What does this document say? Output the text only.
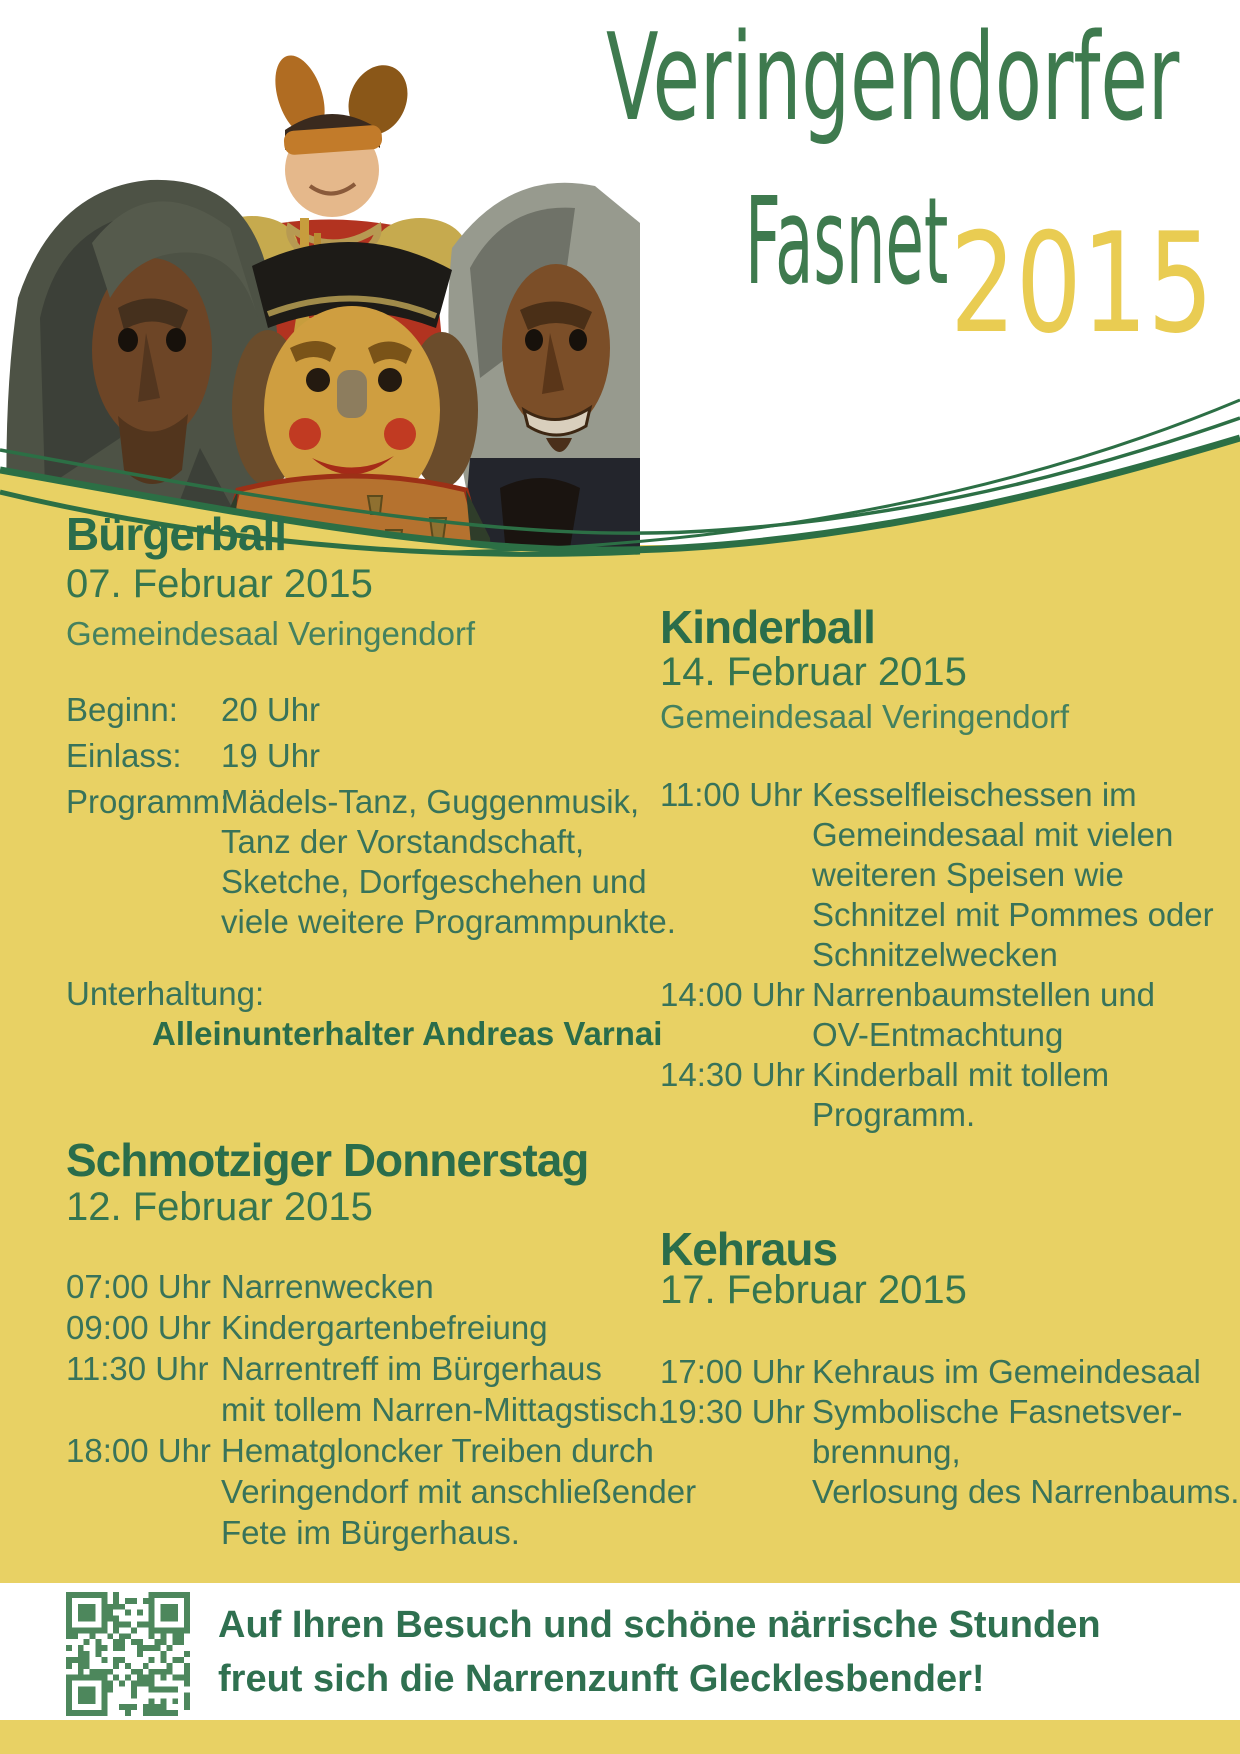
Veringendorfer
Fasnet 2015
Bürgerball
07. Februar 2015
Gemeindesaal Veringendorf
Beginn:	20 Uhr
Einlass:	19 Uhr
Programm:
Mädels-Tanz, Guggenmusik,
Tanz der Vorstandschaft,
Sketche, Dorfgeschehen und
viele weitere Programmpunkte.
Unterhaltung:
Alleinunterhalter Andreas Varnai
Schmotziger Donnerstag
12. Februar 2015
07:00 Uhr Narrenwecken
09:00 Uhr Kindergartenbefreiung
11:30 Uhr Narrentreff im Bürgerhaus
mit tollem Narren-Mittagstisch.
18:00 Uhr Hematgloncker Treiben durch
Veringendorf mit anschließender
Fete im Bürgerhaus.
Kinderball
14. Februar 2015
Gemeindesaal Veringendorf
11:00 Uhr Kesselfleischessen im
Gemeindesaal mit vielen
weiteren Speisen wie
Schnitzel mit Pommes oder
Schnitzelwecken
14:00 Uhr Narrenbaumstellen und
OV-Entmachtung
14:30 Uhr Kinderball mit tollem
Programm.
Kehraus
17. Februar 2015
17:00 Uhr Kehraus im Gemeindesaal
19:30 Uhr Symbolische Fasnetsver-
brennung,
Verlosung des Narrenbaums.
Auf Ihren Besuch und schöne närrische Stunden
freut sich die Narrenzunft Glecklesbender!
